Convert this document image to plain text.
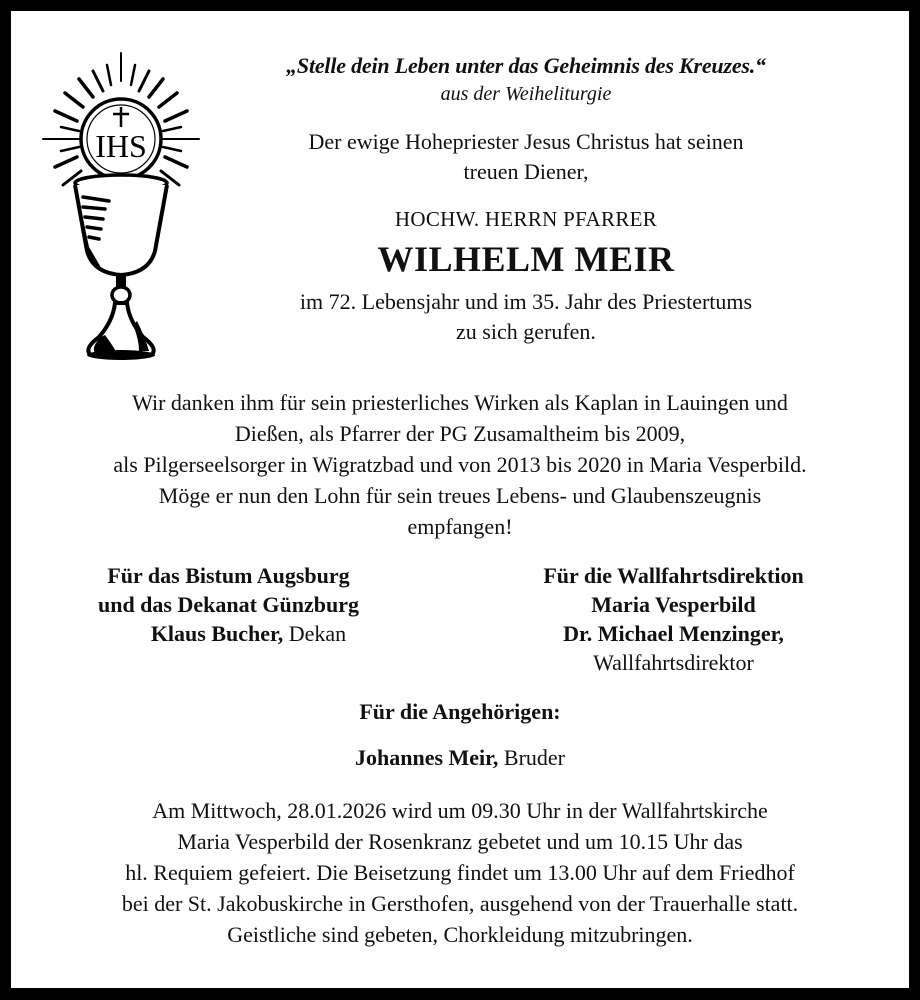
IHS

„Stelle dein Leben unter das Geheimnis des Kreuzes.“

aus der Weiheliturgie

Der ewige Hohepriester Jesus Christus hat seinen
treuen Diener,

HOCHW. HERRN PFARRER

WILHELM MEIR

im 72. Lebensjahr und im 35. Jahr des Priestertums
zu sich gerufen.

Wir danken ihm für sein priesterliches Wirken als Kaplan in Lauingen und

Dießen, als Pfarrer der PG Zusamaltheim bis 2009,

als Pilgerseelsorger in Wigratzbad und von 2013 bis 2020 in Maria Vesperbild.

Möge er nun den Lohn für sein treues Lebens- und Glaubenszeugnis

empfangen!

Für das Bistum Augsburg

und das Dekanat Günzburg

Klaus Bucher, Dekan

Für die Wallfahrtsdirektion

Maria Vesperbild

Dr. Michael Menzinger,

Wallfahrtsdirektor

Für die Angehörigen:

Johannes Meir, Bruder

Am Mittwoch, 28.01.2026 wird um 09.30 Uhr in der Wallfahrtskirche

Maria Vesperbild der Rosenkranz gebetet und um 10.15 Uhr das

hl. Requiem gefeiert. Die Beisetzung findet um 13.00 Uhr auf dem Friedhof

bei der St. Jakobuskirche in Gersthofen, ausgehend von der Trauerhalle statt.

Geistliche sind gebeten, Chorkleidung mitzubringen.
